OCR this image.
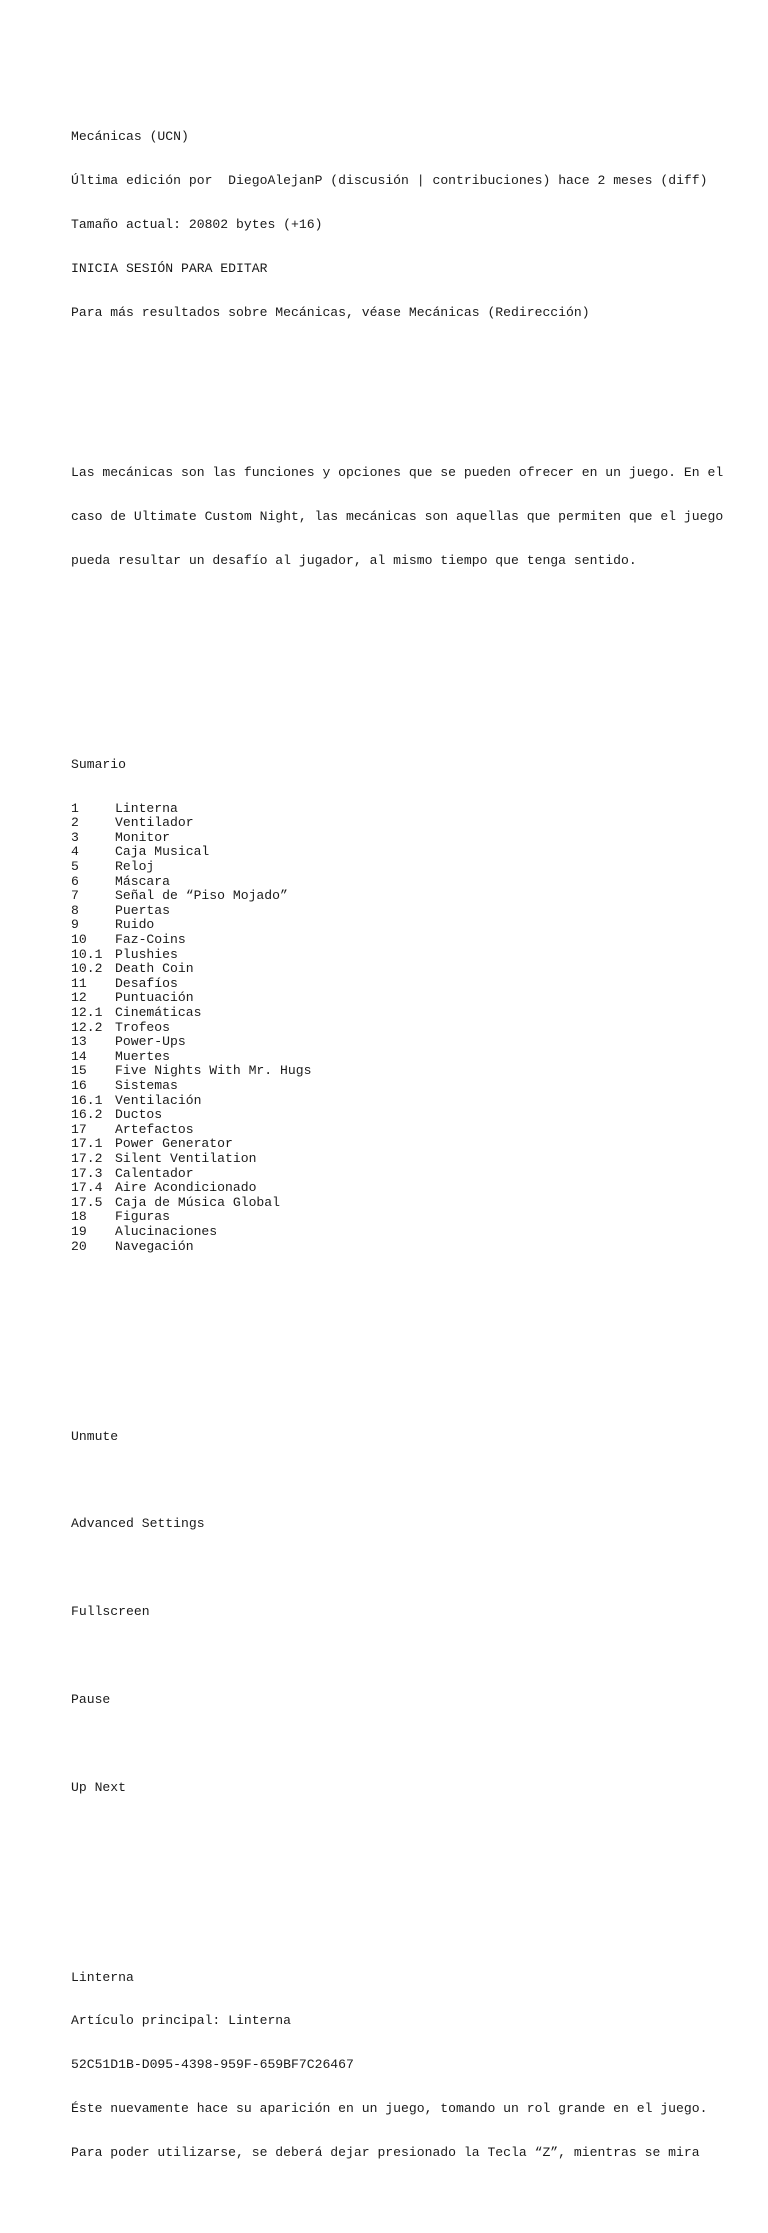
Mecánicas (UCN)

Última edición por  DiegoAlejanP (discusión | contribuciones) hace 2 meses (diff)

Tamaño actual: 20802 bytes (+16)

INICIA SESIÓN PARA EDITAR

Para más resultados sobre Mecánicas, véase Mecánicas (Redirección)

Las mecánicas son las funciones y opciones que se pueden ofrecer en un juego. En el

caso de Ultimate Custom Night, las mecánicas son aquellas que permiten que el juego

pueda resultar un desafío al jugador, al mismo tiempo que tenga sentido.

Sumario

1	Linterna
2	Ventilador
3	Monitor
4	Caja Musical
5	Reloj
6	Máscara
7	Señal de “Piso Mojado”
8	Puertas
9	Ruido
10 Faz-Coins
10.1 Plushies
10.2 Death Coin
11 Desafíos
12 Puntuación
12.1 Cinemáticas
12.2 Trofeos
13 Power-Ups
14 Muertes
15 Five Nights With Mr. Hugs
16 Sistemas
16.1 Ventilación
16.2 Ductos
17 Artefactos
17.1 Power Generator
17.2 Silent Ventilation
17.3 Calentador
17.4 Aire Acondicionado
17.5 Caja de Música Global
18 Figuras
19 Alucinaciones
20 Navegación

Unmute

Advanced Settings

Fullscreen

Pause

Up Next

Linterna

Artículo principal: Linterna

52C51D1B-D095-4398-959F-659BF7C26467

Éste nuevamente hace su aparición en un juego, tomando un rol grande en el juego.

Para poder utilizarse, se deberá dejar presionado la Tecla “Z”, mientras se mira
